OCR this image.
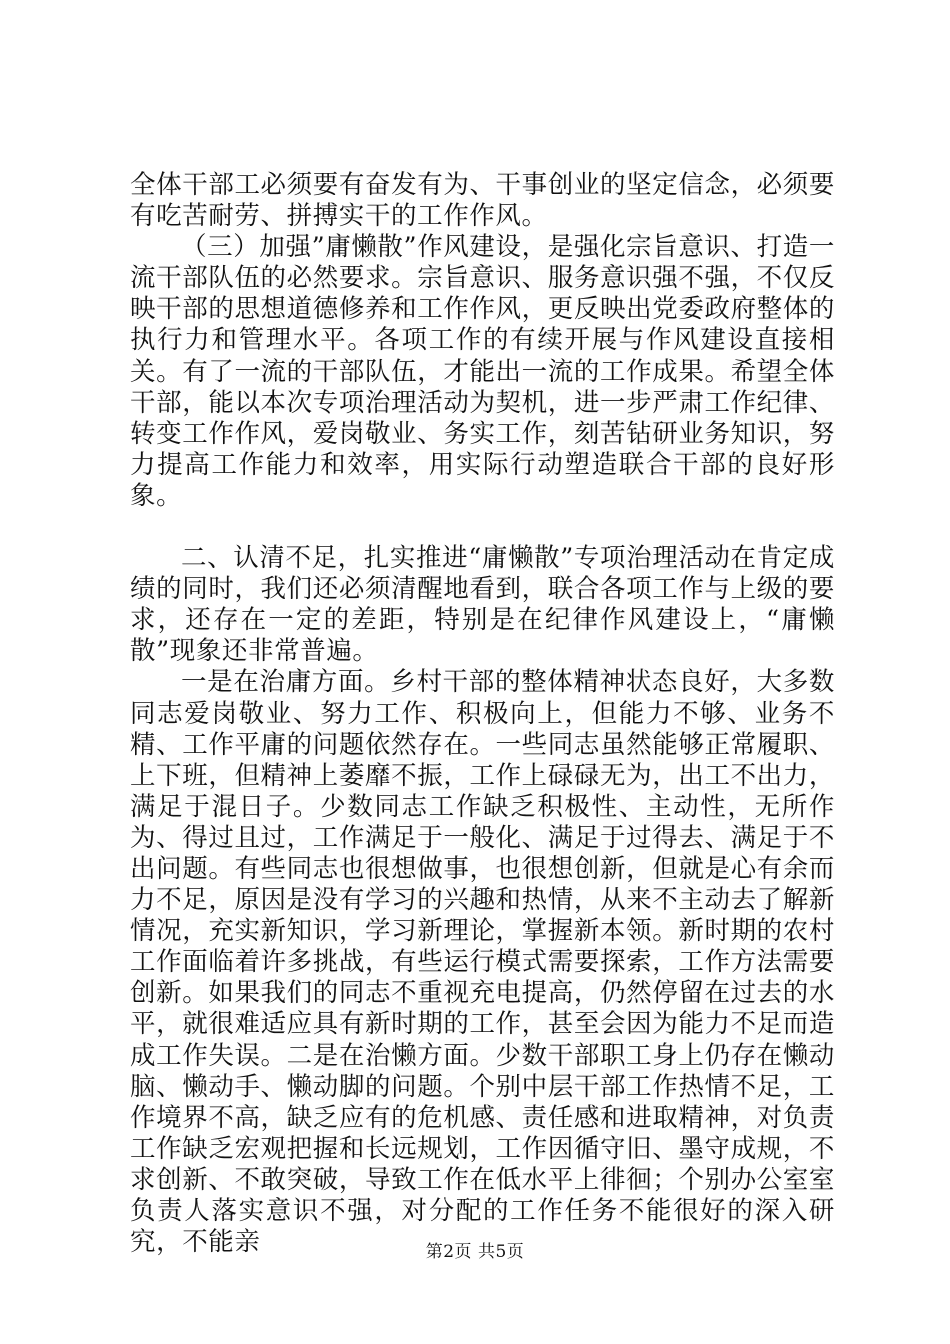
全体干部工必须要有奋发有为、干事创业的坚定信念，必须要有吃苦耐劳、拼搏实干的工作作风。

（三）加强”庸懒散”作风建设，是强化宗旨意识、打造一流干部队伍的必然要求。宗旨意识、服务意识强不强，不仅反映干部的思想道德修养和工作作风，更反映出党委政府整体的执行力和管理水平。各项工作的有续开展与作风建设直接相关。有了一流的干部队伍，才能出一流的工作成果。希望全体干部，能以本次专项治理活动为契机，进一步严肃工作纪律、转变工作作风，爱岗敬业、务实工作，刻苦钻研业务知识，努力提高工作能力和效率，用实际行动塑造联合干部的良好形象。

二、认清不足，扎实推进“庸懒散”专项治理活动在肯定成绩的同时，我们还必须清醒地看到，联合各项工作与上级的要求，还存在一定的差距，特别是在纪律作风建设上，“庸懒散”现象还非常普遍。

一是在治庸方面。乡村干部的整体精神状态良好，大多数同志爱岗敬业、努力工作、积极向上，但能力不够、业务不精、工作平庸的问题依然存在。一些同志虽然能够正常履职、上下班，但精神上萎靡不振，工作上碌碌无为，出工不出力，满足于混日子。少数同志工作缺乏积极性、主动性，无所作为、得过且过，工作满足于一般化、满足于过得去、满足于不出问题。有些同志也很想做事，也很想创新，但就是心有余而力不足，原因是没有学习的兴趣和热情，从来不主动去了解新情况，充实新知识，学习新理论，掌握新本领。新时期的农村工作面临着许多挑战，有些运行模式需要探索，工作方法需要创新。如果我们的同志不重视充电提高，仍然停留在过去的水平，就很难适应具有新时期的工作，甚至会因为能力不足而造成工作失误。二是在治懒方面。少数干部职工身上仍存在懒动脑、懒动手、懒动脚的问题。个别中层干部工作热情不足，工作境界不高，缺乏应有的危机感、责任感和进取精神，对负责工作缺乏宏观把握和长远规划，工作因循守旧、墨守成规，不求创新、不敢突破，导致工作在低水平上徘徊；个别办公室室负责人落实意识不强，对分配的工作任务不能很好的深入研究，不能亲	第2页 共5页
